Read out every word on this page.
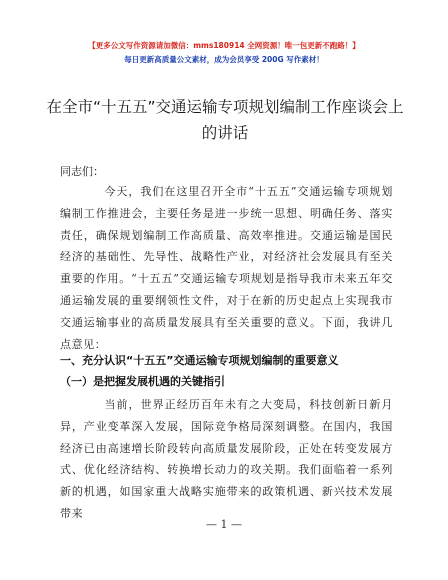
【更多公文写作资源请加微信：mms180914 全网资源！唯一包更新不跑路！】
每日更新高质量公文素材，成为会员享受 200G 写作素材！
在全市“十五五”交通运输专项规划编制工作座谈会上的讲话
同志们：
今天，我们在这里召开全市“十五五”交通运输专项规划编制工作推进会，主要任务是进一步统一思想、明确任务、落实责任，确保规划编制工作高质量、高效率推进。交通运输是国民经济的基础性、先导性、战略性产业，对经济社会发展具有至关重要的作用。“十五五”交通运输专项规划是指导我市未来五年交通运输发展的重要纲领性文件，对于在新的历史起点上实现我市交通运输事业的高质量发展具有至关重要的意义。下面，我讲几点意见：
一、充分认识“十五五”交通运输专项规划编制的重要意义
（一）是把握发展机遇的关键指引
当前，世界正经历百年未有之大变局，科技创新日新月异，产业变革深入发展，国际竞争格局深刻调整。在国内，我国经济已由高速增长阶段转向高质量发展阶段，正处在转变发展方式、优化经济结构、转换增长动力的攻关期。我们面临着一系列新的机遇，如国家重大战略实施带来的政策机遇、新兴技术发展带来
— 1 —
